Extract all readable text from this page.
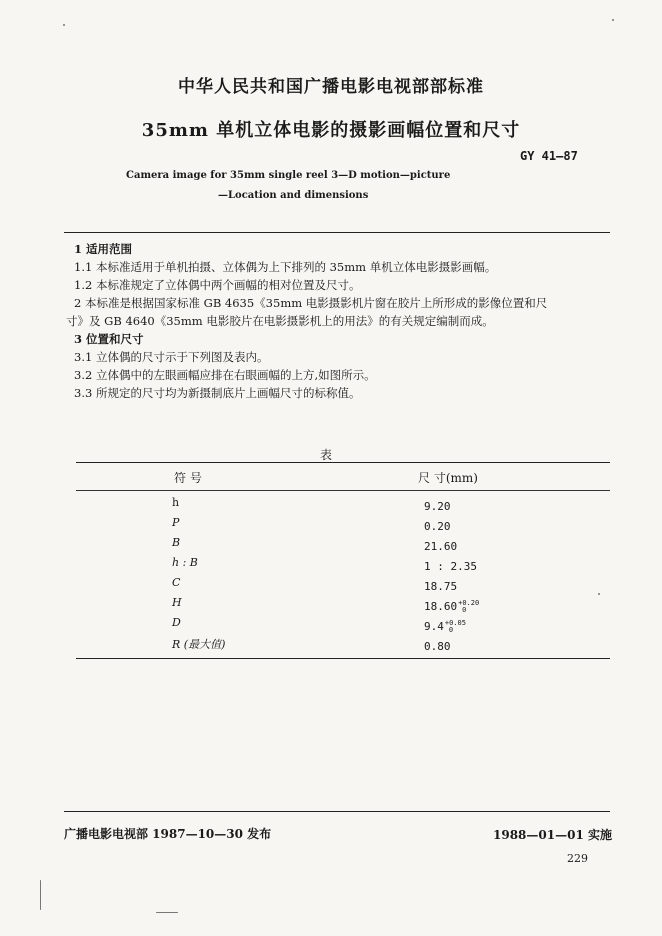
中华人民共和国广播电影电视部部标准
35mm 单机立体电影的摄影画幅位置和尺寸
GY 41—87
Camera image for 35mm single reel 3—D motion—picture
—Location and dimensions
1 适用范围
1.1 本标准适用于单机拍摄、立体偶为上下排列的 35mm 单机立体电影摄影画幅。
1.2 本标准规定了立体偶中两个画幅的相对位置及尺寸。
2 本标准是根据国家标准 GB 4635《35mm 电影摄影机片窗在胶片上所形成的影像位置和尺
寸》及 GB 4640《35mm 电影胶片在电影摄影机上的用法》的有关规定编制而成。
3 位置和尺寸
3.1 立体偶的尺寸示于下列图及表内。
3.2 立体偶中的左眼画幅应排在右眼画幅的上方,如图所示。
3.3 所规定的尺寸均为新摄制底片上画幅尺寸的标称值。
表
符 号	尺 寸(mm)
h
P
B
h : B
C
H
D
R (最大值)
9.20
0.20
21.60
1 : 2.35
18.75
18.60 +0.20
0
9.4 +0.05
0
0.80
广播电影电视部 1987—10—30 发布	1988—01—01 实施
229
